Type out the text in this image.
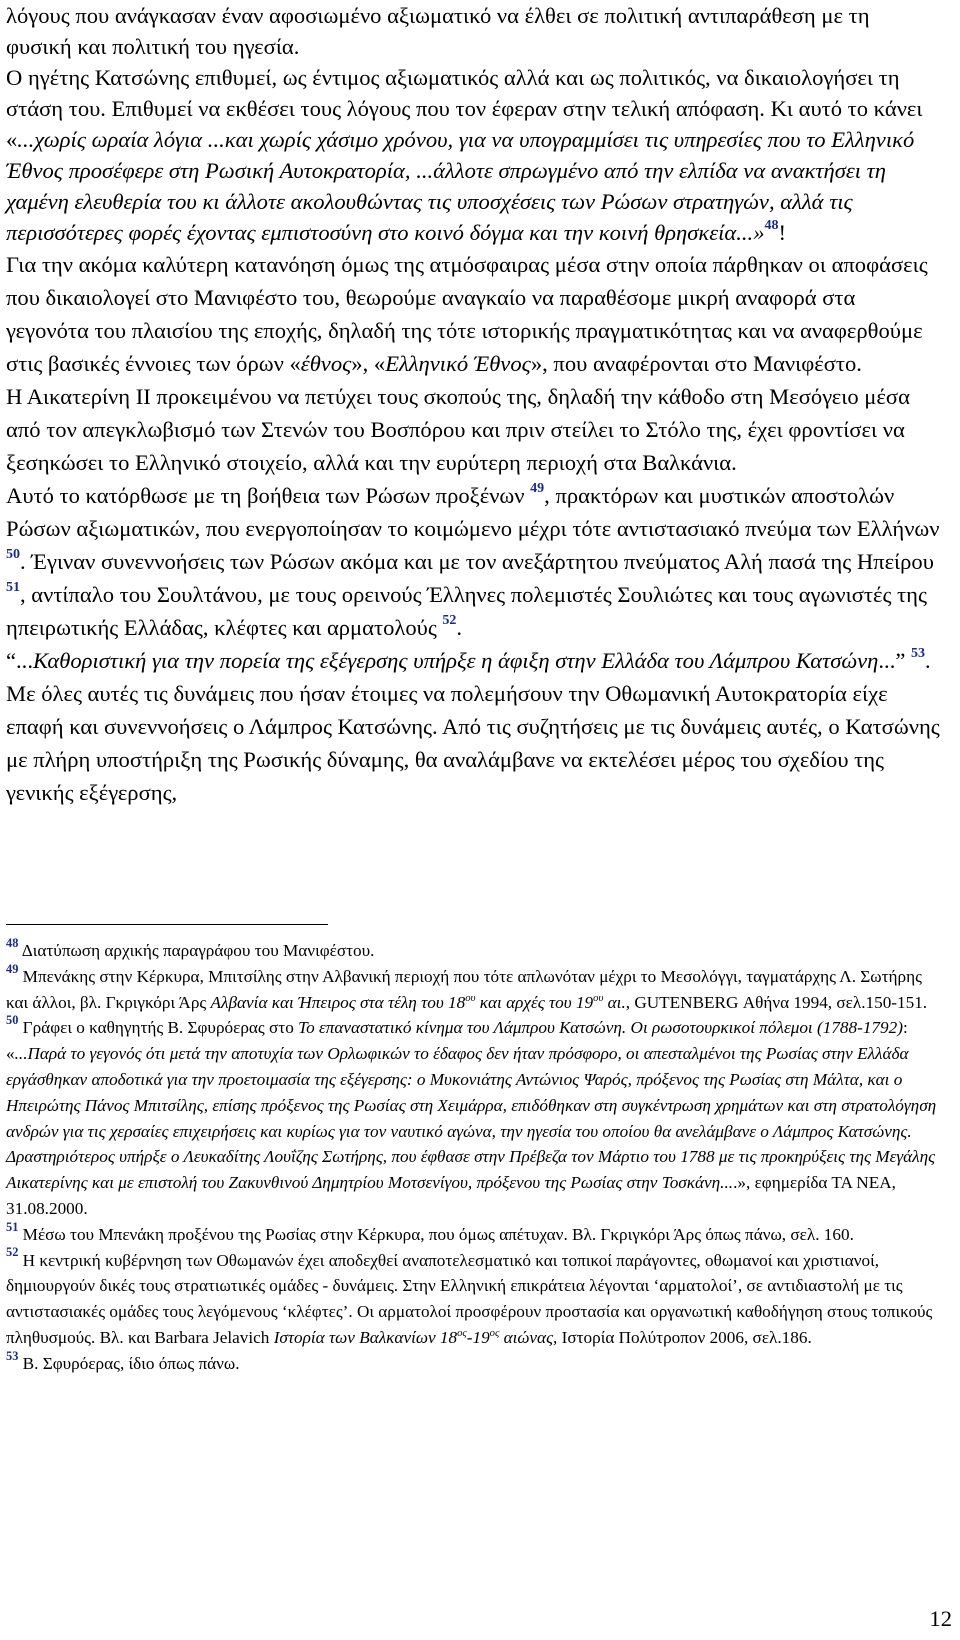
λόγους που ανάγκασαν έναν αφοσιωμένο αξιωματικό να έλθει σε πολιτική αντιπαράθεση με τη φυσική και πολιτική του ηγεσία.
Ο ηγέτης Κατσώνης επιθυμεί, ως έντιμος αξιωματικός αλλά και ως πολιτικός, να δικαιολογήσει τη στάση του. Επιθυμεί να εκθέσει τους λόγους που τον έφεραν στην τελική απόφαση. Κι αυτό το κάνει «...χωρίς ωραία λόγια ...και χωρίς χάσιμο χρόνου, για να υπογραμμίσει τις υπηρεσίες που το Ελληνικό Έθνος προσέφερε στη Ρωσική Αυτοκρατορία, ...άλλοτε σπρωγμένο από την ελπίδα να ανακτήσει τη χαμένη ελευθερία του κι άλλοτε ακολουθώντας τις υποσχέσεις των Ρώσων στρατηγών, αλλά τις περισσότερες φορές έχοντας εμπιστοσύνη στο κοινό δόγμα και την κοινή θρησκεία...»$^{48}$!

Για την ακόμα καλύτερη κατανόηση όμως της ατμόσφαιρας μέσα στην οποία πάρθηκαν οι αποφάσεις που δικαιολογεί στο Μανιφέστο του, θεωρούμε αναγκαίο να παραθέσομε μικρή αναφορά στα γεγονότα του πλαισίου της εποχής, δηλαδή της τότε ιστορικής πραγματικότητας και να αναφερθούμε στις βασικές έννοιες των όρων «έθνος», «Ελληνικό Έθνος», που αναφέρονται στο Μανιφέστο.

Η Αικατερίνη ΙΙ προκειμένου να πετύχει τους σκοπούς της, δηλαδή την κάθοδο στη Μεσόγειο μέσα από τον απεγκλωβισμό των Στενών του Βοσπόρου και πριν στείλει το Στόλο της, έχει φροντίσει να ξεσηκώσει το Ελληνικό στοιχείο, αλλά και την ευρύτερη περιοχή στα Βαλκάνια.

Αυτό το κατόρθωσε με τη βοήθεια των Ρώσων προξένων $^{49}$, πρακτόρων και μυστικών αποστολών Ρώσων αξιωματικών, που ενεργοποίησαν το κοιμώμενο μέχρι τότε αντιστασιακό πνεύμα των Ελλήνων $^{50}$. Έγιναν συνεννοήσεις των Ρώσων ακόμα και με τον ανεξάρτητου πνεύματος Αλή πασά της Ηπείρου $^{51}$, αντίπαλο του Σουλτάνου, με τους ορεινούς Έλληνες πολεμιστές Σουλιώτες και τους αγωνιστές της ηπειρωτικής Ελλάδας, κλέφτες και αρματολούς $^{52}$.

“...Καθοριστική για την πορεία της εξέγερσης υπήρξε η άφιξη στην Ελλάδα του Λάμπρου Κατσώνη...” $^{53}$. Με όλες αυτές τις δυνάμεις που ήσαν έτοιμες να πολεμήσουν την Οθωμανική Αυτοκρατορία είχε επαφή και συνεννοήσεις ο Λάμπρος Κατσώνης. Από τις συζητήσεις με τις δυνάμεις αυτές, ο Κατσώνης με πλήρη υποστήριξη της Ρωσικής δύναμης, θα αναλάμβανε να εκτελέσει μέρος του σχεδίου της γενικής εξέγερσης,

$^{48}$ Διατύπωση αρχικής παραγράφου του Μανιφέστου.

$^{49}$ Μπενάκης στην Κέρκυρα, Μπιτσίλης στην Αλβανική περιοχή που τότε απλωνόταν μέχρι το Μεσολόγγι, ταγματάρχης Λ. Σωτήρης και άλλοι, βλ. Γκριγκόρι Άρς Αλβανία και Ήπειρος στα τέλη του $18^{o\upsilon}$ και αρχές του $19^{o\upsilon}$ αι., GUTENBERG Αθήνα 1994, σελ.150-151.

$^{50}$ Γράφει ο καθηγητής Β. Σφυρόερας στο Το επαναστατικό κίνημα του Λάμπρου Κατσώνη. Οι ρωσοτουρκικοί πόλεμοι (1788-1792): «...Παρά το γεγονός ότι μετά την αποτυχία των Ορλωφικών το έδαφος δεν ήταν πρόσφορο, οι απεσταλμένοι της Ρωσίας στην Ελλάδα εργάσθηκαν αποδοτικά για την προετοιμασία της εξέγερσης: ο Μυκονιάτης Αντώνιος Ψαρός, πρόξενος της Ρωσίας στη Μάλτα, και ο Ηπειρώτης Πάνος Μπιτσίλης, επίσης πρόξενος της Ρωσίας στη Χειμάρρα, επιδόθηκαν στη συγκέντρωση χρημάτων και στη στρατολόγηση ανδρών για τις χερσαίες επιχειρήσεις και κυρίως για τον ναυτικό αγώνα, την ηγεσία του οποίου θα ανελάμβανε ο Λάμπρος Κατσώνης. Δραστηριότερος υπήρξε ο Λευκαδίτης Λουΐζης Σωτήρης, που έφθασε στην Πρέβεζα τον Μάρτιο του 1788 με τις προκηρύξεις της Μεγάλης Αικατερίνης και με επιστολή του Ζακυνθινού Δημητρίου Μοτσενίγου, πρόξενου της Ρωσίας στην Τοσκάνη....», εφημερίδα ΤΑ ΝΕΑ, 31.08.2000.

$^{51}$ Μέσω του Μπενάκη προξένου της Ρωσίας στην Κέρκυρα, που όμως απέτυχαν. Βλ. Γκριγκόρι Άρς όπως πάνω, σελ. 160.

$^{52}$ Η κεντρική κυβέρνηση των Οθωμανών έχει αποδεχθεί αναποτελεσματικό και τοπικοί παράγοντες, οθωμανοί και χριστιανοί, δημιουργούν δικές τους στρατιωτικές ομάδες - δυνάμεις. Στην Ελληνική επικράτεια λέγονται ‘αρματολοί’, σε αντιδιαστολή με τις αντιστασιακές ομάδες τους λεγόμενους ‘κλέφτες’. Οι αρματολοί προσφέρουν προστασία και οργανωτική καθοδήγηση στους τοπικούς πληθυσμούς. Βλ. και Barbara Jelavich Ιστορία των Βαλκανίων $18^{o\varsigma}-19^{o\varsigma}$ αιώνας, Ιστορία Πολύτροπον 2006, σελ.186.

$^{53}$ Β. Σφυρόερας, ίδιο όπως πάνω.

12
